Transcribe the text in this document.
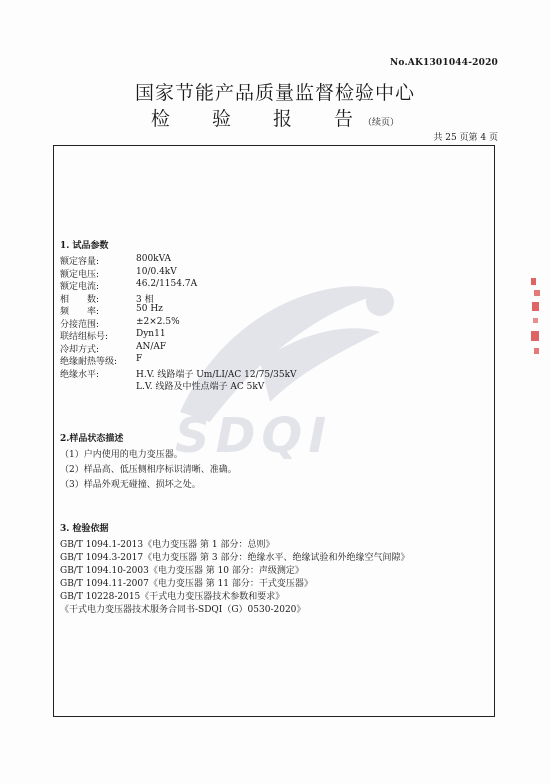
No.AK1301044-2020
国家节能产品质量监督检验中心
检 验 报 告（续页）
共 25 页第 4 页
SDQI
1. 试品参数
额定容量:	800kVA
额定电压:	10/0.4kV
额定电流:	46.2/1154.7A
相　　数:	3 相
频　　率:	50 Hz
分接范围:	±2×2.5%
联结组标号:	Dyn11
冷却方式:	AN/AF
绝缘耐热等级: F
绝缘水平:	H.V. 线路端子 Um/LI/AC 12/75/35kV
L.V. 线路及中性点端子 AC 5kV
2.样品状态描述
（1）户内使用的电力变压器。
（2）样品高、低压侧相序标识清晰、准确。
（3）样品外观无碰撞、损坏之处。
3. 检验依据
GB/T 1094.1-2013《电力变压器 第 1 部分：总则》
GB/T 1094.3-2017《电力变压器 第 3 部分：绝缘水平、绝缘试验和外绝缘空气间隙》
GB/T 1094.10-2003《电力变压器 第 10 部分：声级测定》
GB/T 1094.11-2007《电力变压器 第 11 部分：干式变压器》
GB/T 10228-2015《干式电力变压器技术参数和要求》
《干式电力变压器技术服务合同书-SDQI（G）0530-2020》
